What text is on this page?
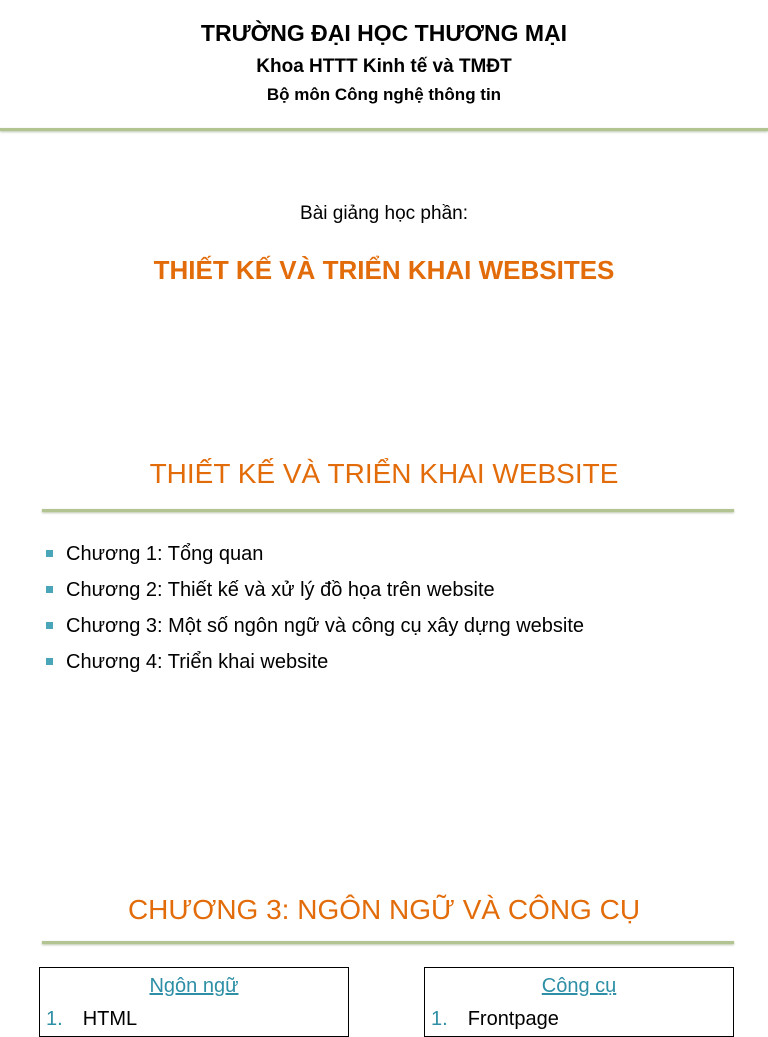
TRƯỜNG ĐẠI HỌC THƯƠNG MẠI
Khoa HTTT Kinh tế và TMĐT
Bộ môn Công nghệ thông tin
Bài giảng học phần:
THIẾT KẾ VÀ TRIỂN KHAI WEBSITES
THIẾT KẾ VÀ TRIỂN KHAI WEBSITE
Chương 1: Tổng quan
Chương 2: Thiết kế và xử lý đồ họa trên website
Chương 3: Một số ngôn ngữ và công cụ xây dựng website
Chương 4: Triển khai website
CHƯƠNG 3: NGÔN NGỮ VÀ CÔNG CỤ
Ngôn ngữ
1. HTML
Công cụ
1. Frontpage
